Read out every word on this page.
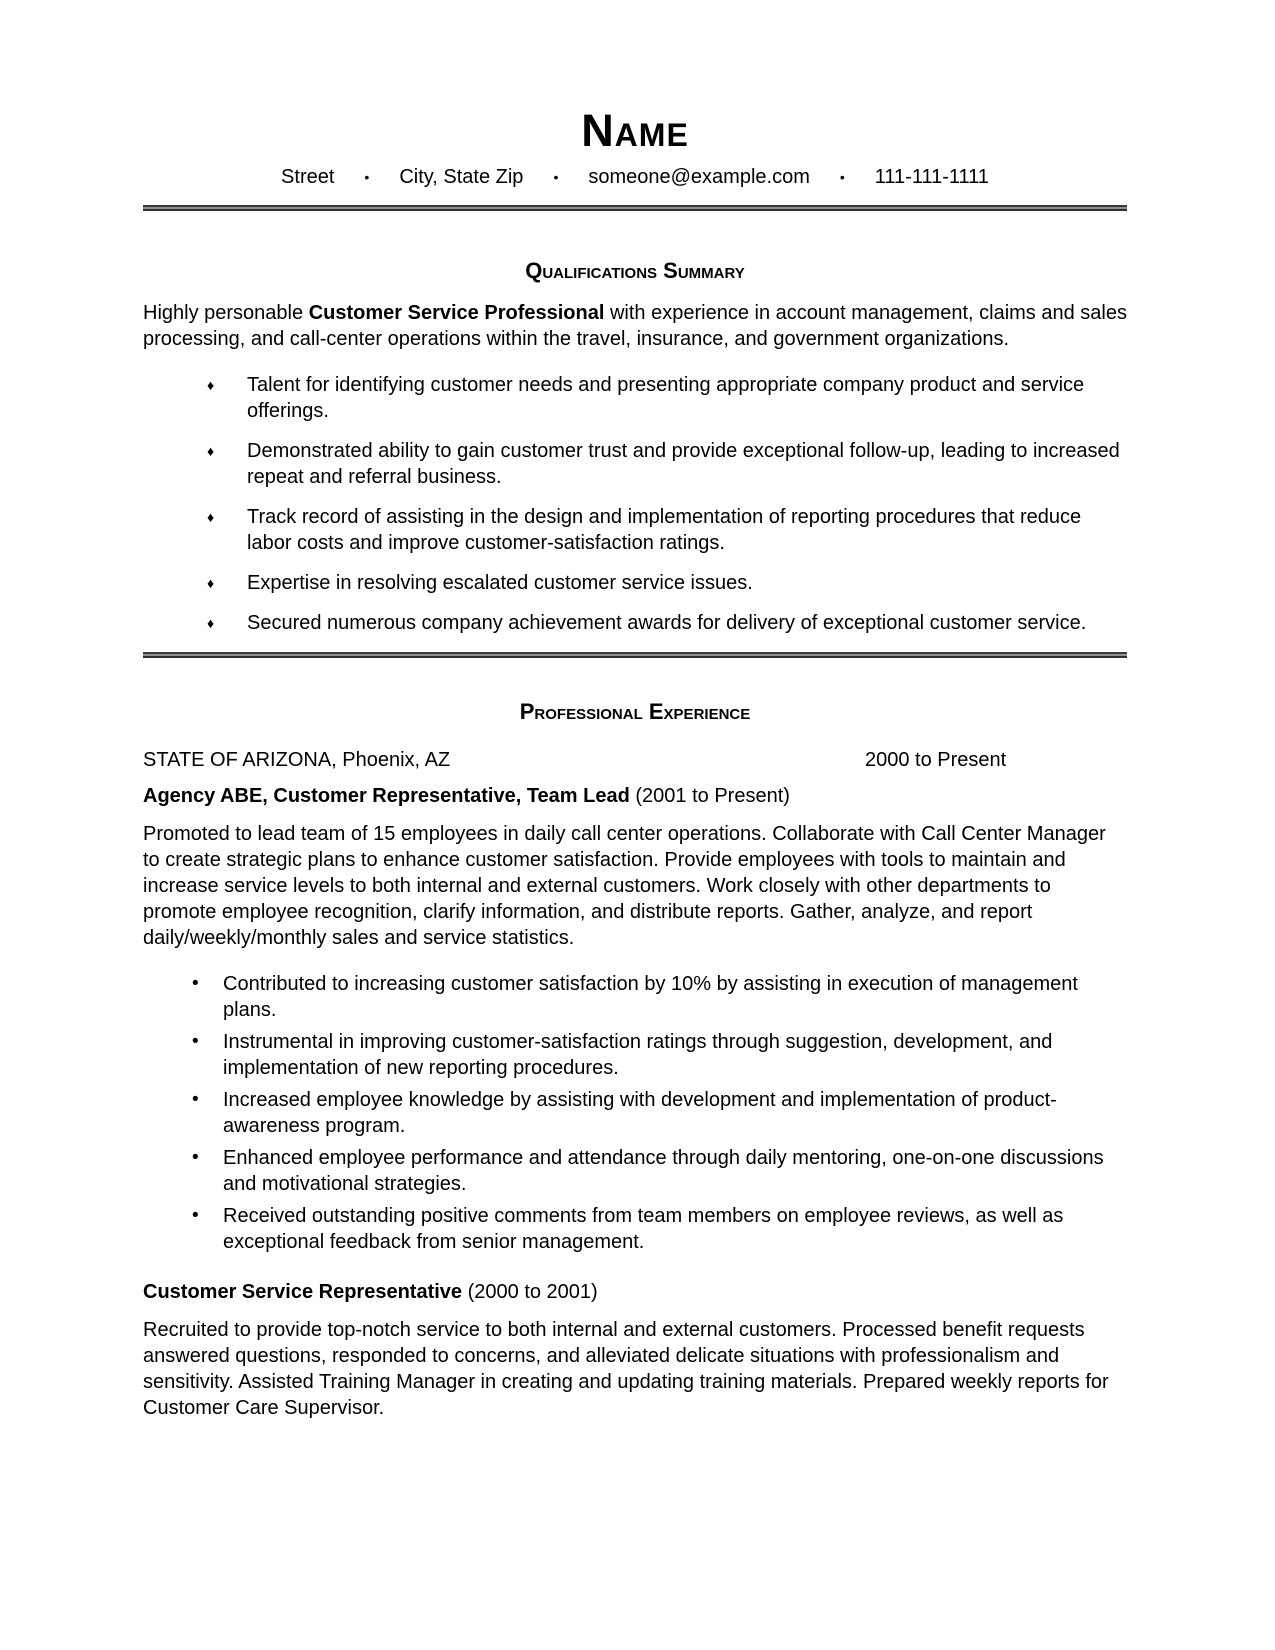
Name
Street • City, State Zip • someone@example.com • 111-111-1111
Qualifications Summary

Highly personable Customer Service Professional with experience in account management, claims and sales processing, and call-center operations within the travel, insurance, and government organizations.

♦	Talent for identifying customer needs and presenting appropriate company product and service offerings.
♦	Demonstrated ability to gain customer trust and provide exceptional follow-up, leading to increased repeat and referral business.
♦	Track record of assisting in the design and implementation of reporting procedures that reduce labor costs and improve customer-satisfaction ratings.
♦	Expertise in resolving escalated customer service issues.
♦	Secured numerous company achievement awards for delivery of exceptional customer service.
Professional Experience
STATE OF ARIZONA, Phoenix, AZ	2000 to Present
Agency ABE, Customer Representative, Team Lead (2001 to Present)

Promoted to lead team of 15 employees in daily call center operations. Collaborate with Call Center Manager to create strategic plans to enhance customer satisfaction. Provide employees with tools to maintain and increase service levels to both internal and external customers. Work closely with other departments to promote employee recognition, clarify information, and distribute reports. Gather, analyze, and report daily/weekly/monthly sales and service statistics.

•	Contributed to increasing customer satisfaction by 10% by assisting in execution of management plans.
•	Instrumental in improving customer-satisfaction ratings through suggestion, development, and implementation of new reporting procedures.
•	Increased employee knowledge by assisting with development and implementation of product-awareness program.
•	Enhanced employee performance and attendance through daily mentoring, one-on-one discussions and motivational strategies.
•	Received outstanding positive comments from team members on employee reviews, as well as exceptional feedback from senior management.
Customer Service Representative (2000 to 2001)

Recruited to provide top-notch service to both internal and external customers. Processed benefit requests answered questions, responded to concerns, and alleviated delicate situations with professionalism and sensitivity. Assisted Training Manager in creating and updating training materials. Prepared weekly reports for Customer Care Supervisor.
